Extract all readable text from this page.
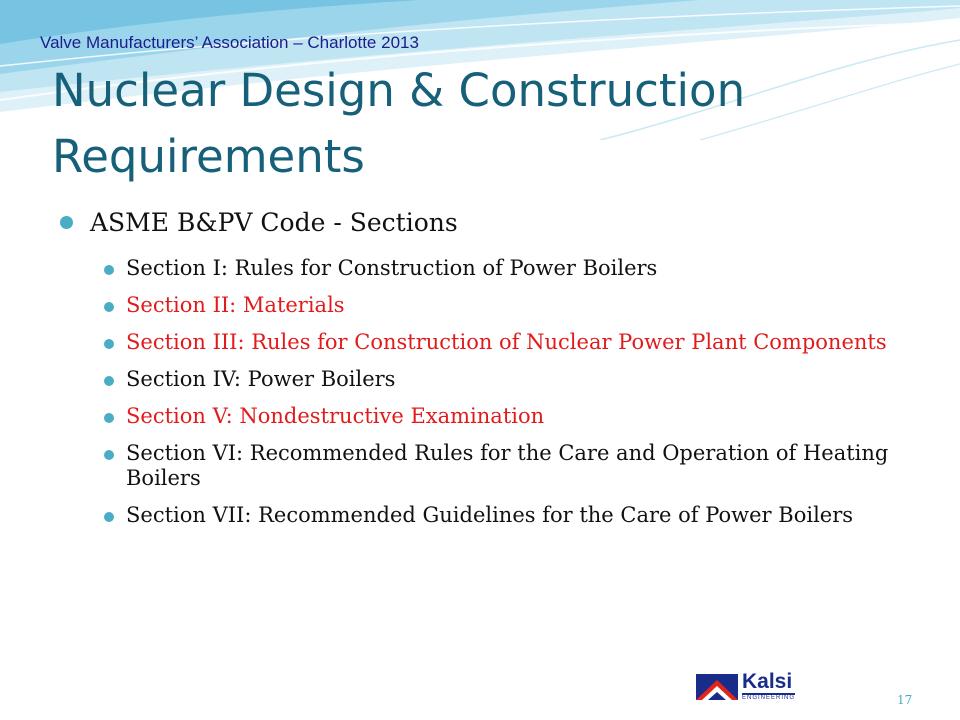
Valve Manufacturers’ Association – Charlotte 2013
Nuclear Design & Construction Requirements
ASME B&PV Code - Sections
Section I: Rules for Construction of Power Boilers
Section II: Materials
Section III: Rules for Construction of Nuclear Power Plant Components
Section IV: Power Boilers
Section V: Nondestructive Examination
Section VI: Recommended Rules for the Care and Operation of Heating Boilers
Section VII: Recommended Guidelines for the Care of Power Boilers
Kalsi
ENGINEERING	17
